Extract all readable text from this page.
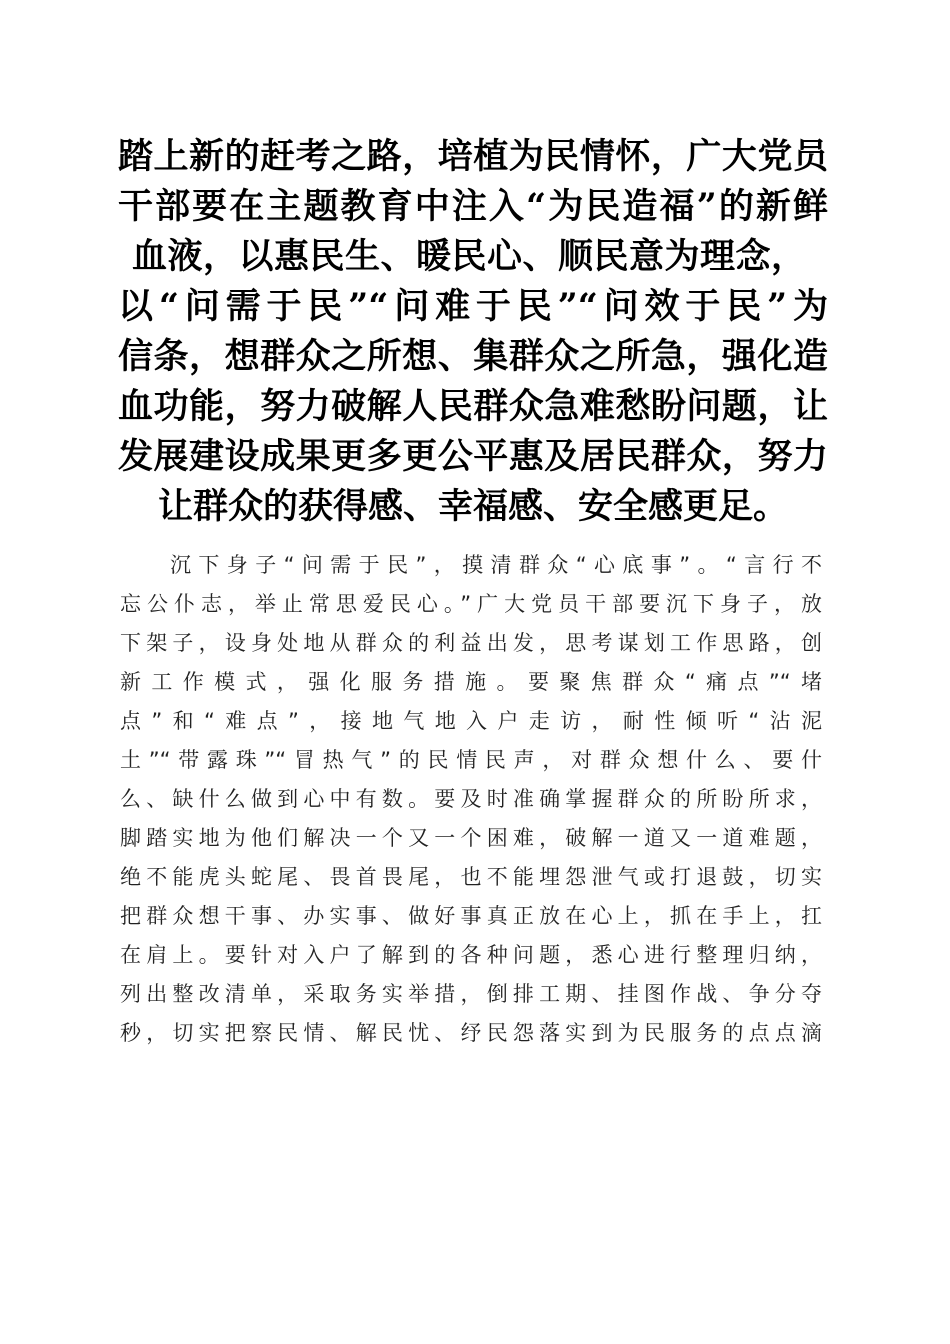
踏上新的赶考之路，培植为民情怀，广大党员
干部要在主题教育中注入“为民造福”的新鲜
血液，以惠民生、暖民心、顺民意为理念，
以“问需于民”“问难于民”“问效于民”为
信条，想群众之所想、集群众之所急，强化造
血功能，努力破解人民群众急难愁盼问题，让
发展建设成果更多更公平惠及居民群众，努力
让群众的获得感、幸福感、安全感更足。
沉下身子“问需于民”，摸清群众“心底事”。“言行不
忘公仆志，举止常思爱民心。”广大党员干部要沉下身子，放
下架子，设身处地从群众的利益出发，思考谋划工作思路，创
新工作模式，强化服务措施。要聚焦群众“痛点”“堵
点”和“难点”，接地气地入户走访，耐性倾听“沾泥
土”“带露珠”“冒热气”的民情民声，对群众想什么、要什
么、缺什么做到心中有数。要及时准确掌握群众的所盼所求，
脚踏实地为他们解决一个又一个困难，破解一道又一道难题，
绝不能虎头蛇尾、畏首畏尾，也不能埋怨泄气或打退鼓，切实
把群众想干事、办实事、做好事真正放在心上，抓在手上，扛
在肩上。要针对入户了解到的各种问题，悉心进行整理归纳，
列出整改清单，采取务实举措，倒排工期、挂图作战、争分夺
秒，切实把察民情、解民忧、纾民怨落实到为民服务的点点滴
